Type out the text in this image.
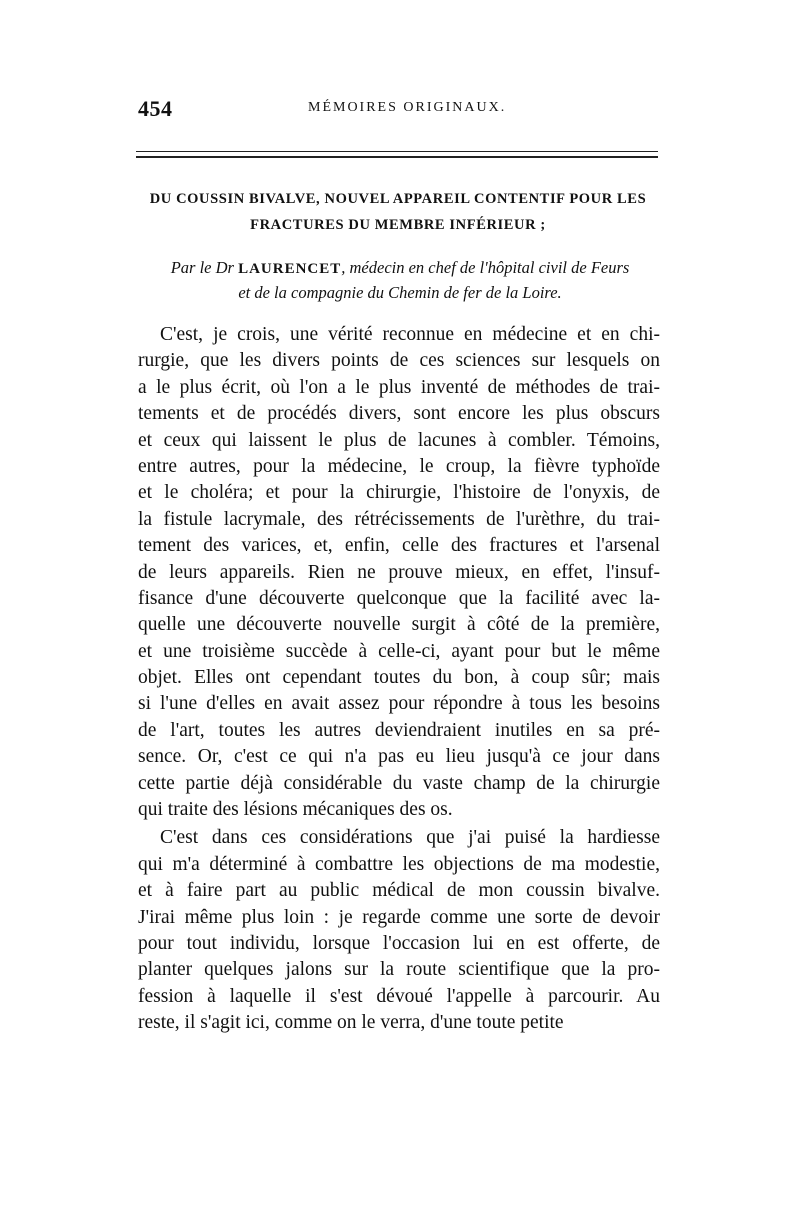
454	MÉMOIRES ORIGINAUX.
DU COUSSIN BIVALVE, NOUVEL APPAREIL CONTENTIF POUR LES
FRACTURES DU MEMBRE INFÉRIEUR ;
Par le Dr LAURENCET, médecin en chef de l'hôpital civil de Feurs
et de la compagnie du Chemin de fer de la Loire.
C'est, je crois, une vérité reconnue en médecine et en chi-
rurgie, que les divers points de ces sciences sur lesquels on
a le plus écrit, où l'on a le plus inventé de méthodes de trai-
tements et de procédés divers, sont encore les plus obscurs
et ceux qui laissent le plus de lacunes à combler. Témoins,
entre autres, pour la médecine, le croup, la fièvre typhoïde
et le choléra; et pour la chirurgie, l'histoire de l'onyxis, de
la fistule lacrymale, des rétrécissements de l'urèthre, du trai-
tement des varices, et, enfin, celle des fractures et l'arsenal
de leurs appareils. Rien ne prouve mieux, en effet, l'insuf-
fisance d'une découverte quelconque que la facilité avec la-
quelle une découverte nouvelle surgit à côté de la première,
et une troisième succède à celle-ci, ayant pour but le même
objet. Elles ont cependant toutes du bon, à coup sûr; mais
si l'une d'elles en avait assez pour répondre à tous les besoins
de l'art, toutes les autres deviendraient inutiles en sa pré-
sence. Or, c'est ce qui n'a pas eu lieu jusqu'à ce jour dans
cette partie déjà considérable du vaste champ de la chirurgie
qui traite des lésions mécaniques des os.
C'est dans ces considérations que j'ai puisé la hardiesse
qui m'a déterminé à combattre les objections de ma modestie,
et à faire part au public médical de mon coussin bivalve.
J'irai même plus loin : je regarde comme une sorte de devoir
pour tout individu, lorsque l'occasion lui en est offerte, de
planter quelques jalons sur la route scientifique que la pro-
fession à laquelle il s'est dévoué l'appelle à parcourir. Au
reste, il s'agit ici, comme on le verra, d'une toute petite
